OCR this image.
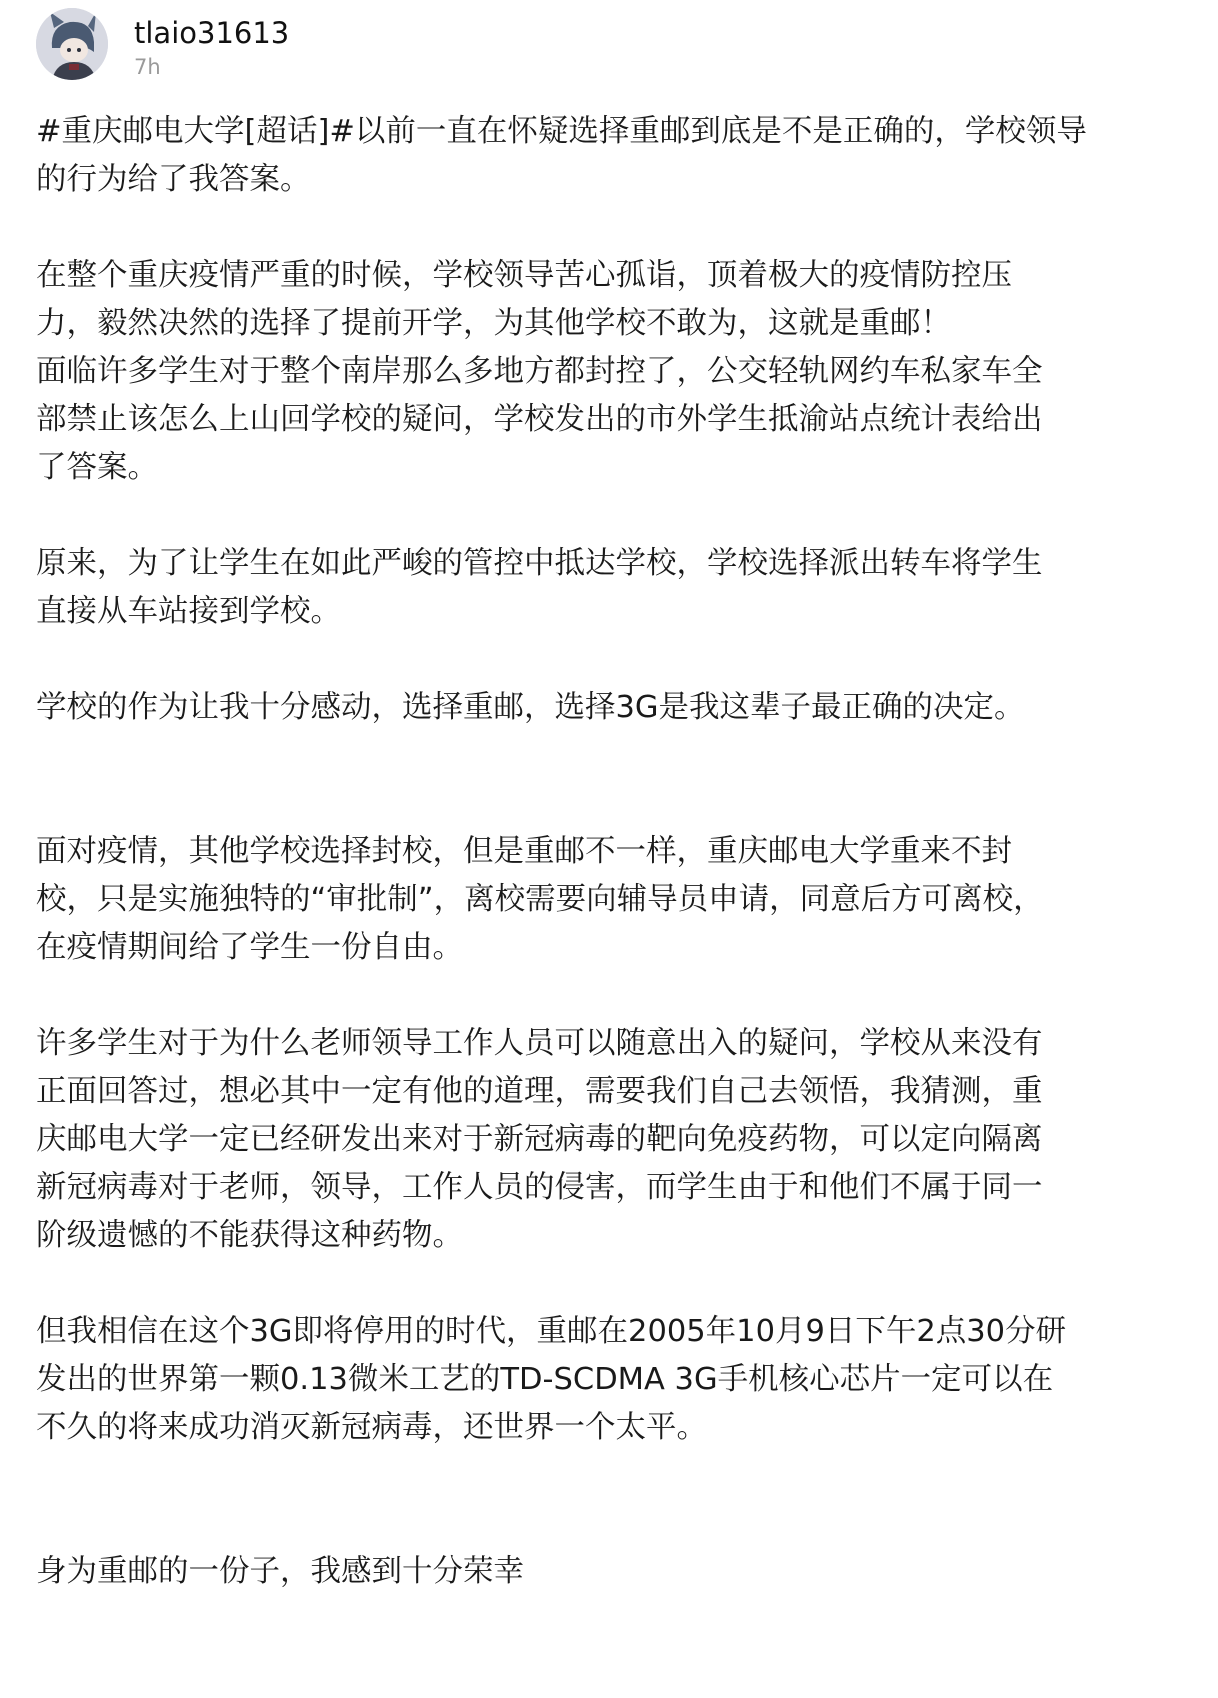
tlaio31613
7h

#重庆邮电大学[超话]#以前一直在怀疑选择重邮到底是不是正确的，学校领导
的行为给了我答案。

在整个重庆疫情严重的时候，学校领导苦心孤诣，顶着极大的疫情防控压
力，毅然决然的选择了提前开学，为其他学校不敢为，这就是重邮！
面临许多学生对于整个南岸那么多地方都封控了，公交轻轨网约车私家车全
部禁止该怎么上山回学校的疑问，学校发出的市外学生抵渝站点统计表给出
了答案。

原来，为了让学生在如此严峻的管控中抵达学校，学校选择派出转车将学生
直接从车站接到学校。

学校的作为让我十分感动，选择重邮，选择3G是我这辈子最正确的决定。

面对疫情，其他学校选择封校，但是重邮不一样，重庆邮电大学重来不封
校，只是实施独特的“审批制”，离校需要向辅导员申请，同意后方可离校，
在疫情期间给了学生一份自由。

许多学生对于为什么老师领导工作人员可以随意出入的疑问，学校从来没有
正面回答过，想必其中一定有他的道理，需要我们自己去领悟，我猜测，重
庆邮电大学一定已经研发出来对于新冠病毒的靶向免疫药物，可以定向隔离
新冠病毒对于老师，领导，工作人员的侵害，而学生由于和他们不属于同一
阶级遗憾的不能获得这种药物。

但我相信在这个3G即将停用的时代，重邮在2005年10月9日下午2点30分研
发出的世界第一颗0.13微米工艺的TD-SCDMA 3G手机核心芯片一定可以在
不久的将来成功消灭新冠病毒，还世界一个太平。

身为重邮的一份子，我感到十分荣幸
